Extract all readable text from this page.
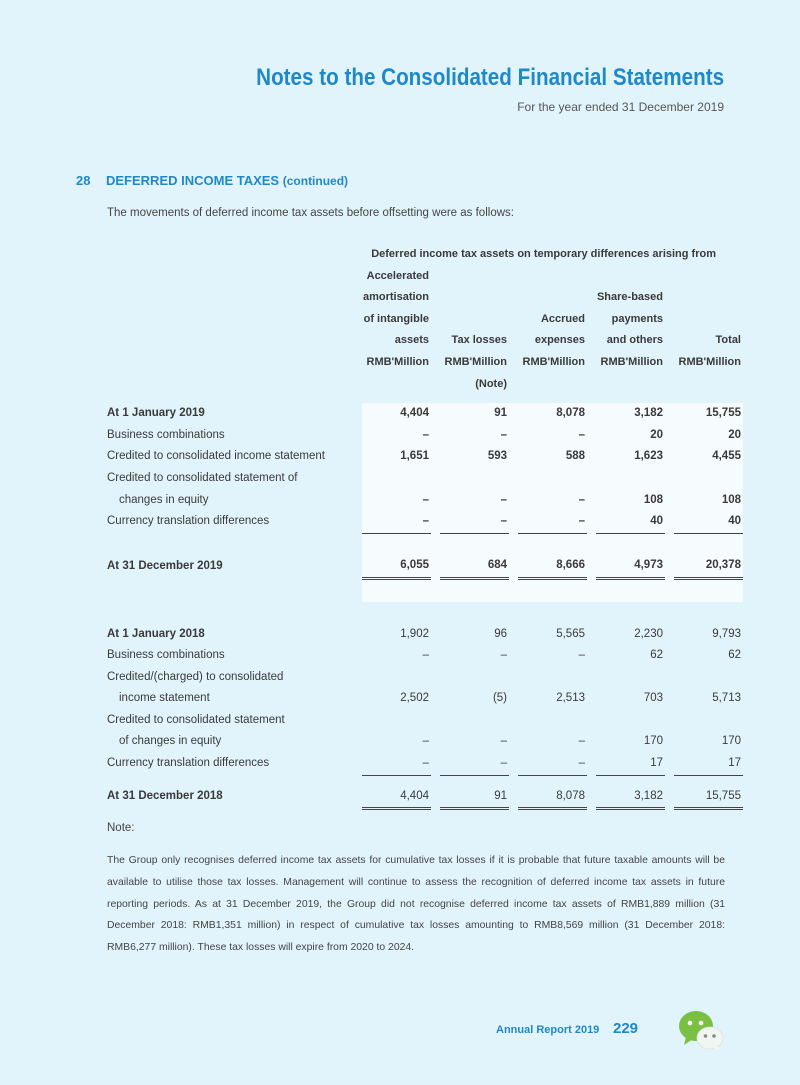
Notes to the Consolidated Financial Statements
For the year ended 31 December 2019
28 DEFERRED INCOME TAXES (continued)
The movements of deferred income tax assets before offsetting were as follows:
	Deferred income tax assets on temporary differences arising from								
	Accelerated								
	amortisation						Share-based		
	of intangible				Accrued		payments		
	assets		Tax losses		expenses		and others		Total
	RMB'Million		RMB'Million		RMB'Million		RMB'Million		RMB'Million
			(Note)						

At 1 January 2019	4,404		91		8,078		3,182		15,755
Business combinations	–		–		–		20		20
Credited to consolidated income statement	1,651		593		588		1,623		4,455
Credited to consolidated statement of									
changes in equity	–		–		–		108		108
Currency translation differences	–		–		–		40		40

At 31 December 2019	6,055		684		8,666		4,973		20,378

At 1 January 2018	1,902		96		5,565		2,230		9,793
Business combinations	–		–		–		62		62
Credited/(charged) to consolidated									
income statement	2,502		(5)		2,513		703		5,713
Credited to consolidated statement									
of changes in equity	–		–		–		170		170
Currency translation differences	–		–		–		17		17

At 31 December 2018	4,404		91		8,078		3,182		15,755
Note:
The Group only recognises deferred income tax assets for cumulative tax losses if it is probable that future taxable amounts will be available to utilise those tax losses. Management will continue to assess the recognition of deferred income tax assets in future reporting periods. As at 31 December 2019, the Group did not recognise deferred income tax assets of RMB1,889 million (31 December 2018: RMB1,351 million) in respect of cumulative tax losses amounting to RMB8,569 million (31 December 2018: RMB6,277 million). These tax losses will expire from 2020 to 2024.
Annual Report 2019 229
